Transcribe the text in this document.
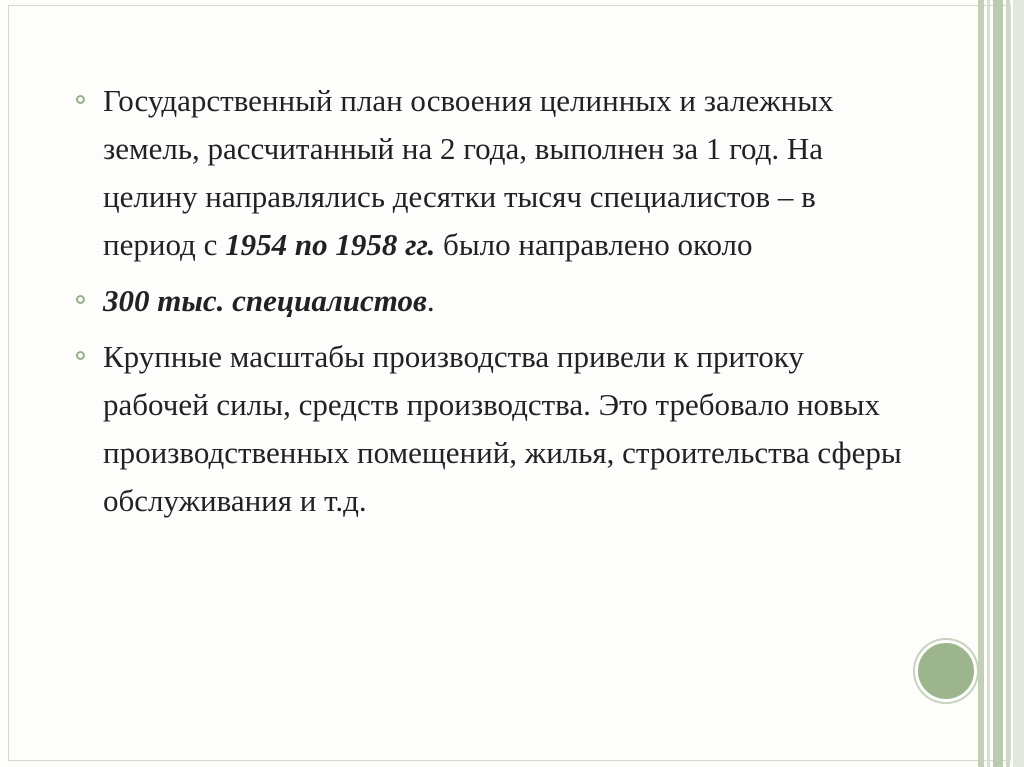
Государственный план освоения целинных и залежных земель, рассчитанный на 2 года, выполнен за 1 год. На целину направлялись десятки тысяч специалистов – в период с 1954 по 1958 гг. было направлено около
300 тыс. специалистов.
Крупные масштабы производства привели к притоку рабочей силы, средств производства. Это требовало новых производственных помещений, жилья, строительства сферы обслуживания и т.д.
